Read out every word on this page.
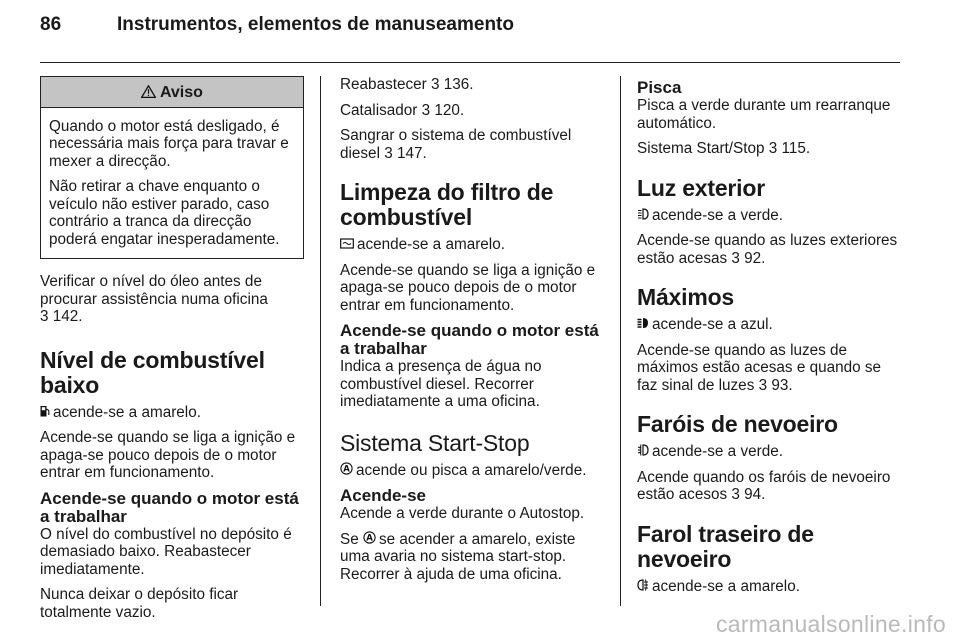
86	Instrumentos, elementos de manuseamento
Aviso

Quando o motor está desligado, é necessária mais força para travar e mexer a direcção.

Não retirar a chave enquanto o veículo não estiver parado, caso contrário a tranca da direcção poderá engatar inesperadamente.

Verificar o nível do óleo antes de procurar assistência numa oficina
3 142.

Nível de combustível baixo

acende-se a amarelo.

Acende-se quando se liga a ignição e apaga-se pouco depois de o motor entrar em funcionamento.

Acende-se quando o motor está a trabalhar

O nível do combustível no depósito é demasiado baixo. Reabastecer imediatamente.

Nunca deixar o depósito ficar totalmente vazio.

Reabastecer 3 136.

Catalisador 3 120.

Sangrar o sistema de combustível diesel 3 147.

Limpeza do filtro de combustível

acende-se a amarelo.

Acende-se quando se liga a ignição e apaga-se pouco depois de o motor entrar em funcionamento.

Acende-se quando o motor está a trabalhar

Indica a presença de água no combustível diesel. Recorrer imediatamente a uma oficina.

Sistema Start-Stop

A acende ou pisca a amarelo/verde.

Acende-se

Acende a verde durante o Autostop.

Se A se acender a amarelo, existe uma avaria no sistema start-stop. Recorrer à ajuda de uma oficina.

Pisca

Pisca a verde durante um rearranque automático.

Sistema Start/Stop 3 115.

Luz exterior

acende-se a verde.

Acende-se quando as luzes exteriores estão acesas 3 92.

Máximos

acende-se a azul.

Acende-se quando as luzes de máximos estão acesas e quando se faz sinal de luzes 3 93.

Faróis de nevoeiro

acende-se a verde.

Acende quando os faróis de nevoeiro estão acesos 3 94.

Farol traseiro de nevoeiro

acende-se a amarelo.

carmanualsonline.info
